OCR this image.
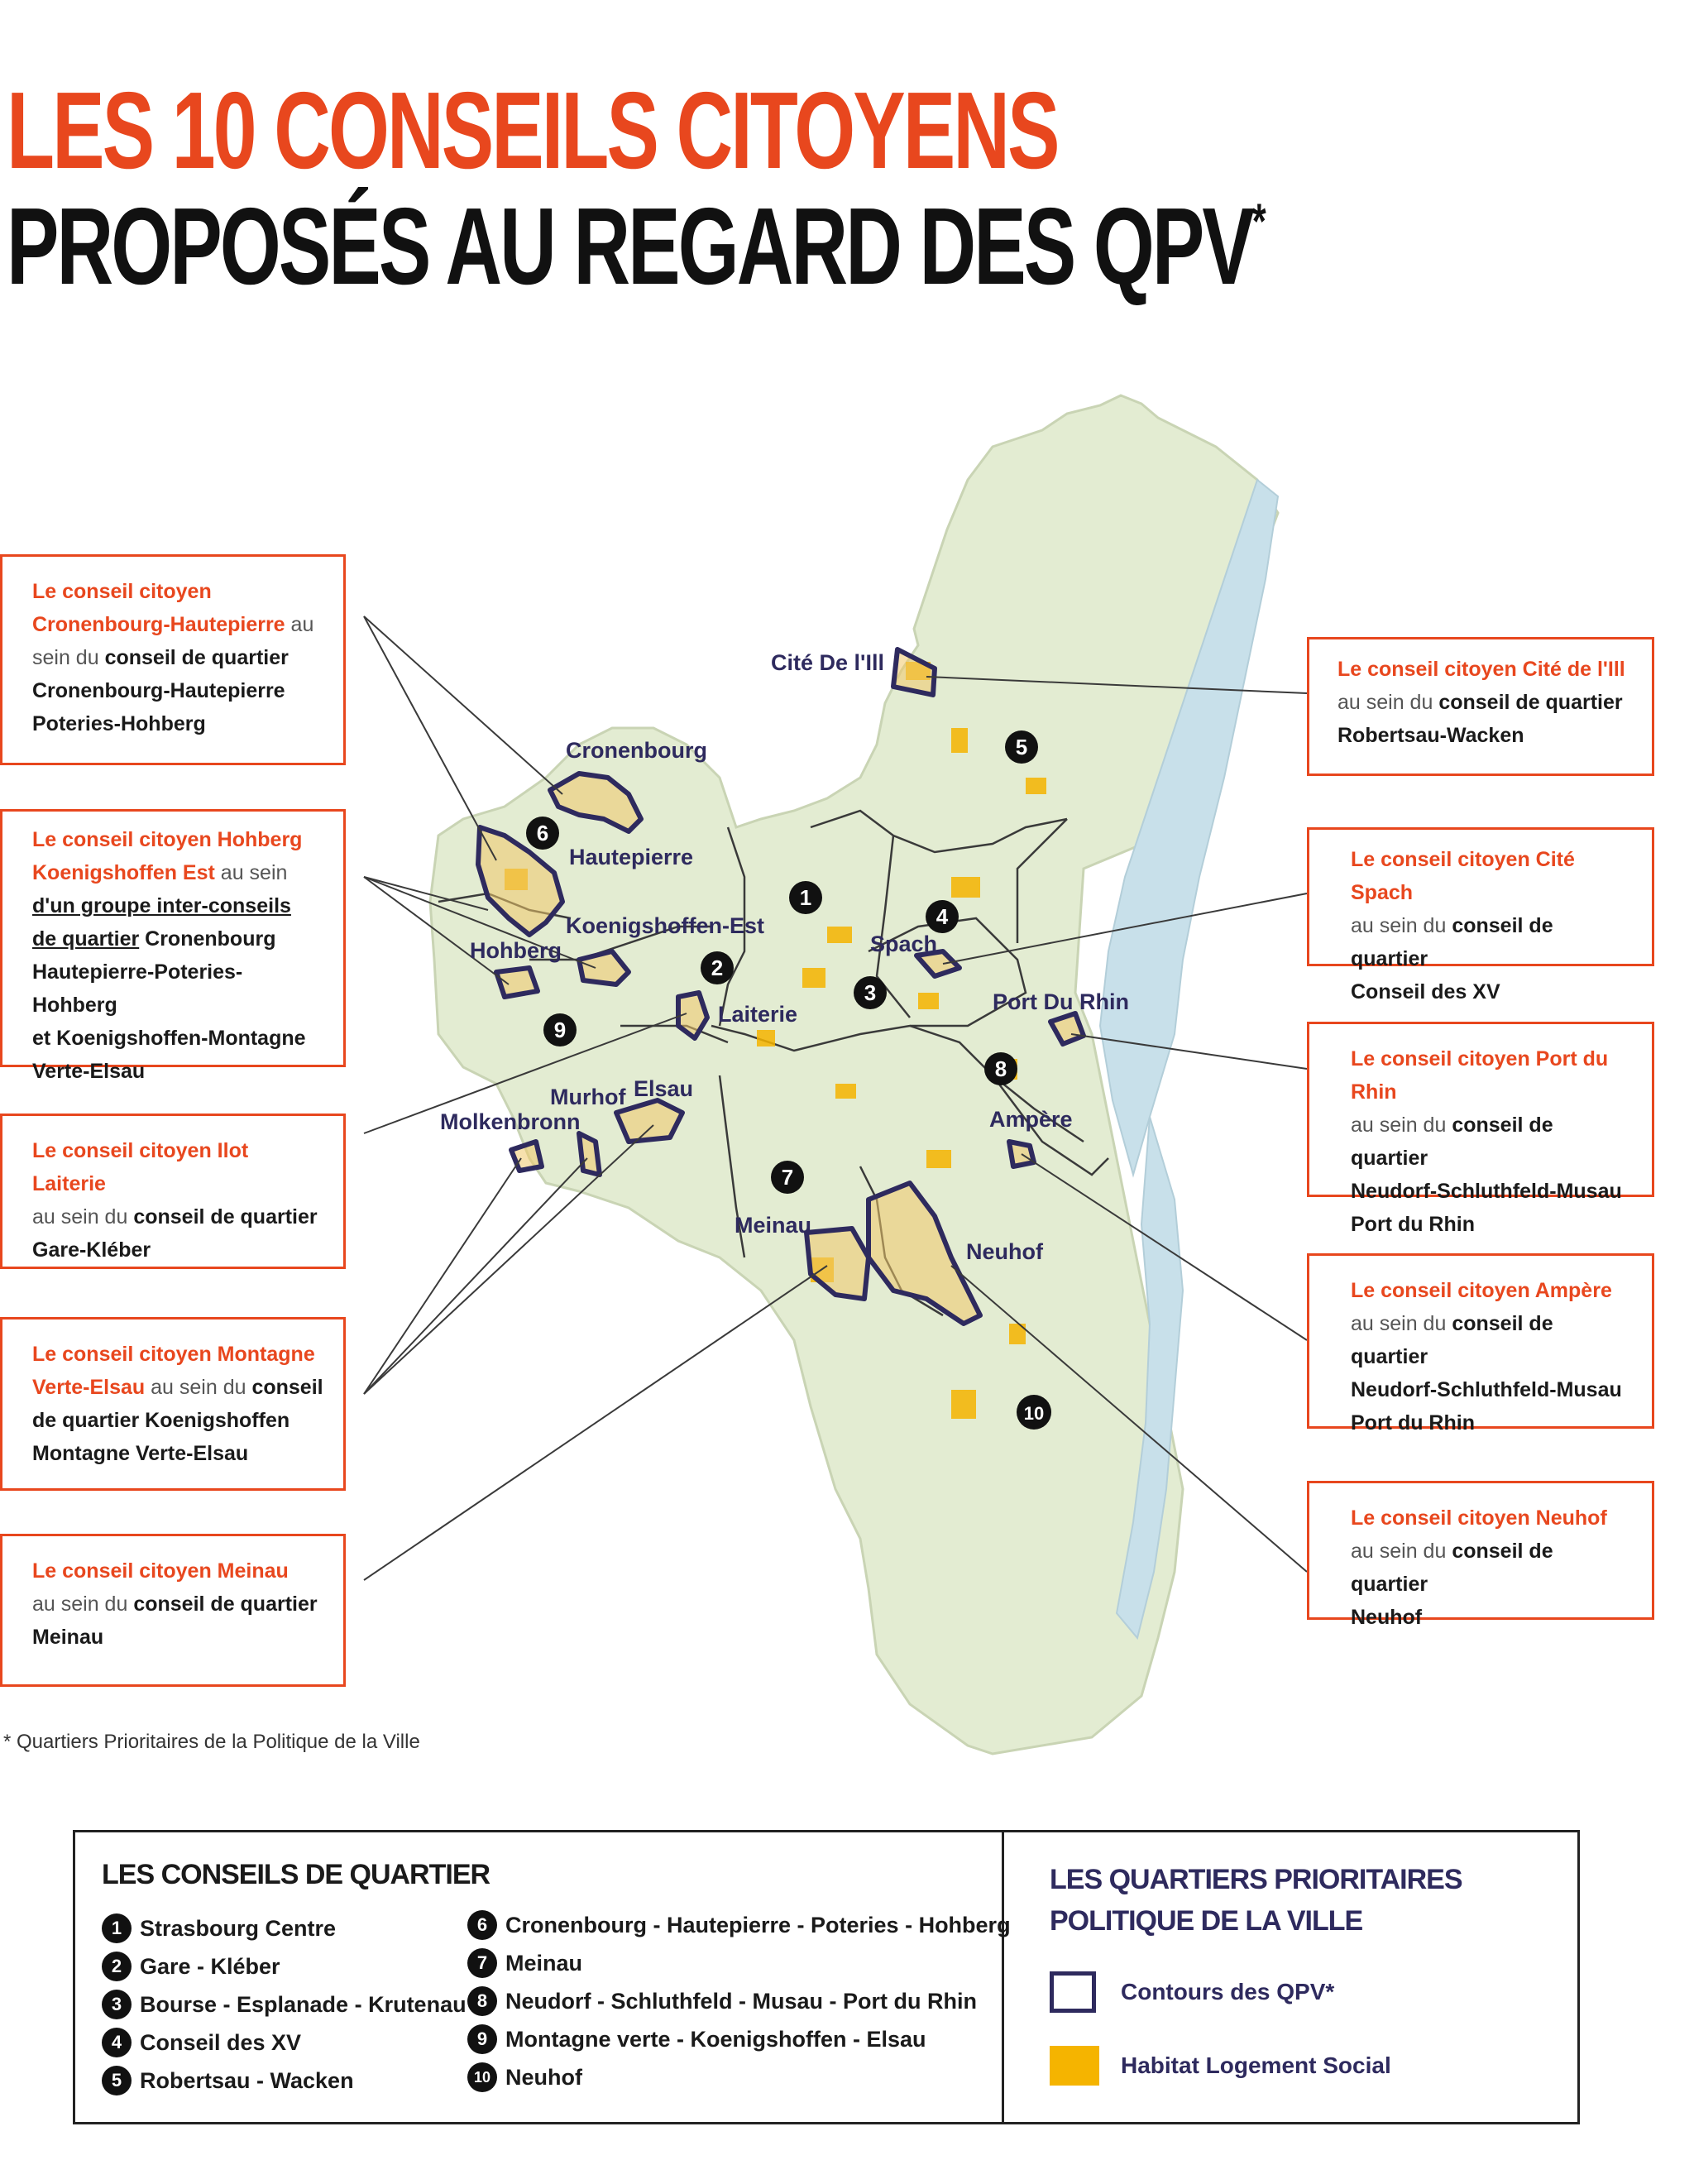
LES 10 CONSEILS CITOYENS
PROPOSÉS AU REGARD DES QPV*
Cité De l'Ill
Cronenbourg
Hautepierre
Koenigshoffen-Est
Hohberg	Spach
Laiterie	Port Du Rhin
Murhof Elsau
Molkenbronn	Ampère
Meinau
Neuhof
1
2
3
4
5
6
7
8
9
10
Le conseil citoyen
Cronenbourg-Hautepierre au
sein du conseil de quartier
Cronenbourg-Hautepierre
Poteries-Hohberg
Le conseil citoyen Hohberg
Koenigshoffen Est au sein
d'un groupe inter-conseils
de quartier Cronenbourg
Hautepierre-Poteries-Hohberg
et Koenigshoffen-Montagne
Verte-Elsau
Le conseil citoyen Ilot Laiterie
au sein du conseil de quartier
Gare-Kléber
Le conseil citoyen Montagne
Verte-Elsau au sein du conseil
de quartier Koenigshoffen
Montagne Verte-Elsau
Le conseil citoyen Meinau
au sein du conseil de quartier
Meinau
Le conseil citoyen Cité de l'Ill
au sein du conseil de quartier
Robertsau-Wacken
Le conseil citoyen Cité Spach
au sein du conseil de quartier
Conseil des XV
Le conseil citoyen Port du Rhin
au sein du conseil de quartier
Neudorf-Schluthfeld-Musau
Port du Rhin
Le conseil citoyen Ampère
au sein du conseil de quartier
Neudorf-Schluthfeld-Musau
Port du Rhin
Le conseil citoyen Neuhof
au sein du conseil de quartier
Neuhof
* Quartiers Prioritaires de la Politique de la Ville
LES CONSEILS DE QUARTIER
1 Strasbourg Centre
2 Gare - Kléber
3 Bourse - Esplanade - Krutenau
4 Conseil des XV
5 Robertsau - Wacken
6 Cronenbourg - Hautepierre - Poteries - Hohberg
7 Meinau
8 Neudorf - Schluthfeld - Musau - Port du Rhin
9 Montagne verte - Koenigshoffen - Elsau
10 Neuhof
LES QUARTIERS PRIORITAIRES
POLITIQUE DE LA VILLE
Contours des QPV*
Habitat Logement Social
